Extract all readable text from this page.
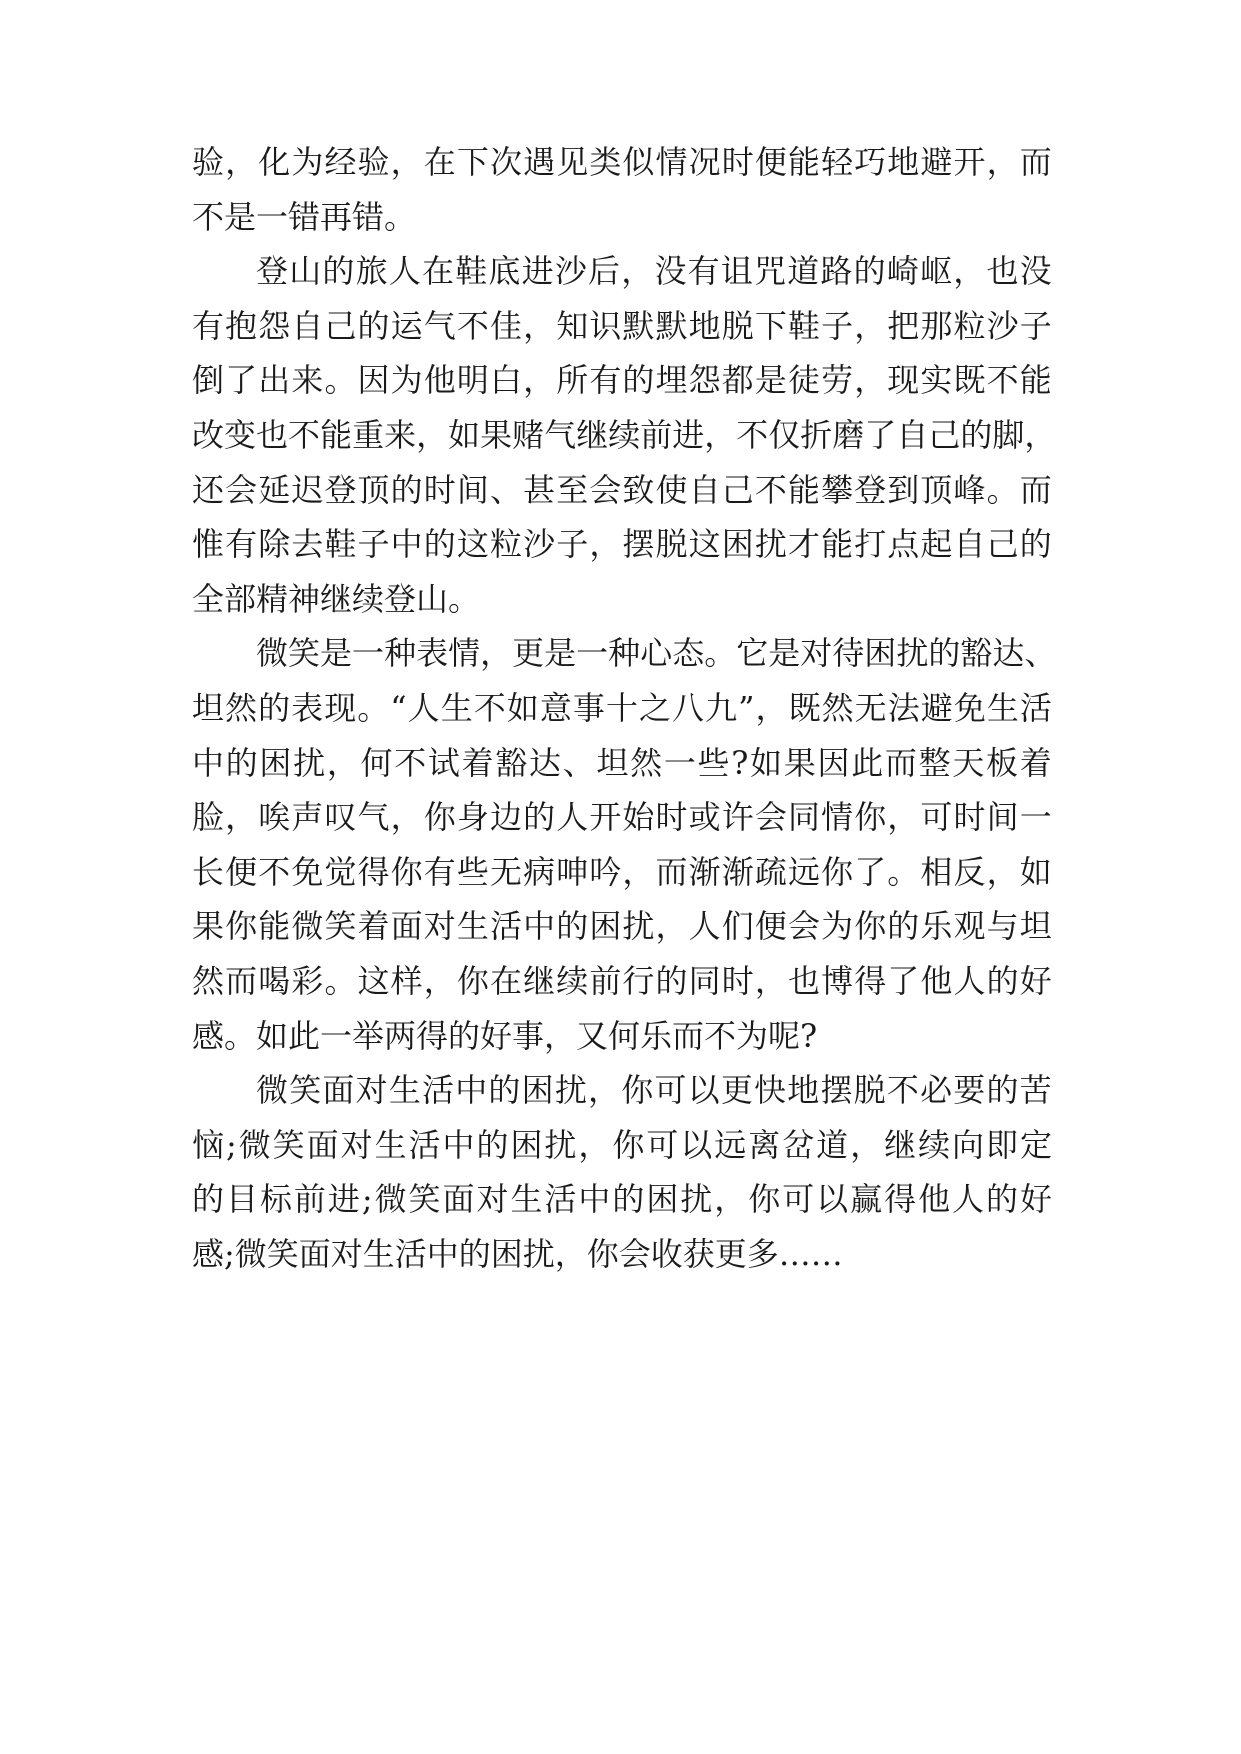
验 ， 化 为 经 验 ， 在 下 次 遇 见 类 似 情 况 时 便 能 轻 巧 地 避 开 ， 而
不是一错再错。
登 山 的 旅 人 在 鞋 底 进 沙 后 ， 没 有 诅 咒 道 路 的 崎 岖 ， 也 没
有 抱 怨 自 己 的 运 气 不 佳 ， 知 识 默 默 地 脱 下 鞋 子 ， 把 那 粒 沙 子
倒 了 出 来 。 因 为 他 明 白 ， 所 有 的 埋 怨 都 是 徒 劳 ， 现 实 既 不 能
改 变 也 不 能 重 来 ， 如 果 赌 气 继 续 前 进 ， 不 仅 折 磨 了 自 己 的 脚 ，
还 会 延 迟 登 顶 的 时 间 、 甚 至 会 致 使 自 己 不 能 攀 登 到 顶 峰 。 而
惟 有 除 去 鞋 子 中 的 这 粒 沙 子 ， 摆 脱 这 困 扰 才 能 打 点 起 自 己 的
全部精神继续登山。
微 笑 是 一 种 表 情 ， 更 是 一 种 心 态 。 它 是 对 待 困 扰 的 豁 达 、
坦 然 的 表 现 。 “ 人 生 不 如 意 事 十 之 八 九 ” ， 既 然 无 法 避 免 生 活
中 的 困 扰 ， 何 不 试 着 豁 达 、 坦 然 一 些 ? 如 果 因 此 而 整 天 板 着
脸 ， 唉 声 叹 气 ， 你 身 边 的 人 开 始 时 或 许 会 同 情 你 ， 可 时 间 一
长 便 不 免 觉 得 你 有 些 无 病 呻 吟 ， 而 渐 渐 疏 远 你 了 。 相 反 ， 如
果 你 能 微 笑 着 面 对 生 活 中 的 困 扰 ， 人 们 便 会 为 你 的 乐 观 与 坦
然 而 喝 彩 。 这 样 ， 你 在 继 续 前 行 的 同 时 ， 也 博 得 了 他 人 的 好
感。如此一举两得的好事，又何乐而不为呢?
微 笑 面 对 生 活 中 的 困 扰 ， 你 可 以 更 快 地 摆 脱 不 必 要 的 苦
恼 ; 微 笑 面 对 生 活 中 的 困 扰 ， 你 可 以 远 离 岔 道 ， 继 续 向 即 定
的 目 标 前 进 ; 微 笑 面 对 生 活 中 的 困 扰 ， 你 可 以 赢 得 他 人 的 好
感;微笑面对生活中的困扰，你会收获更多……
